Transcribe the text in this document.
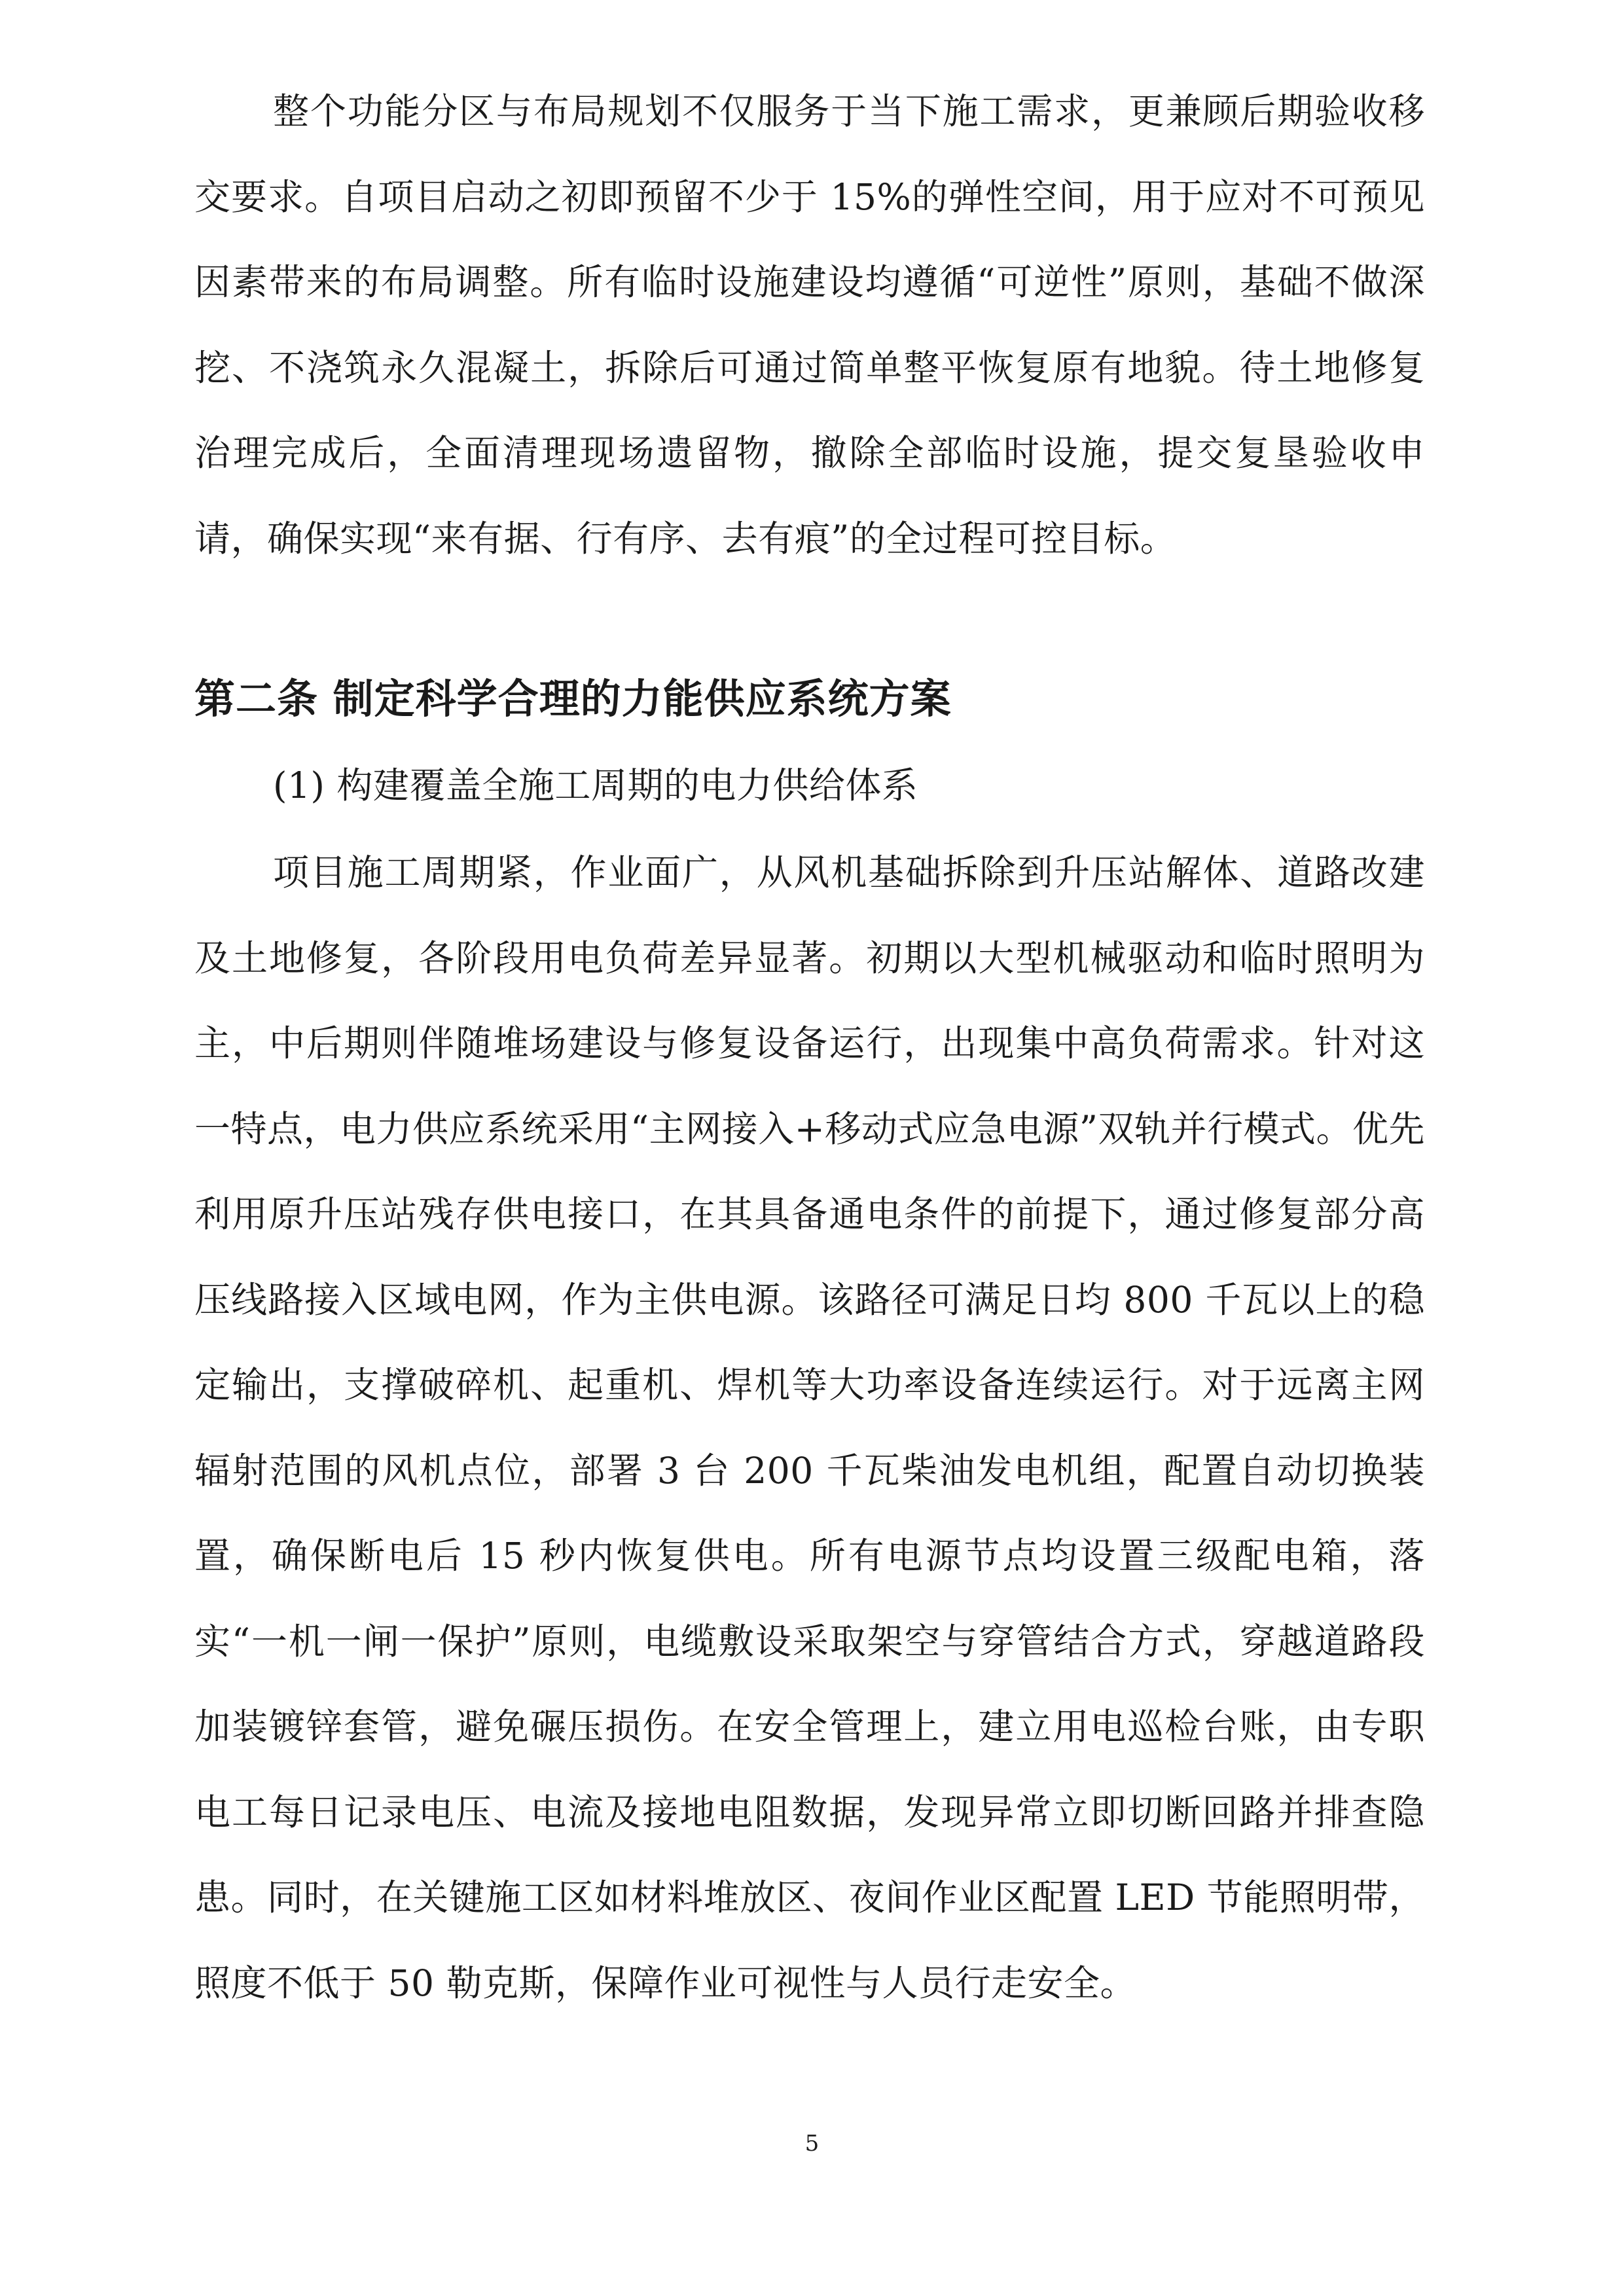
整个功能分区与布局规划不仅服务于当下施工需求，更兼顾后期验收移交要求。自项目启动之初即预留不少于 15%的弹性空间，用于应对不可预见因素带来的布局调整。所有临时设施建设均遵循“可逆性”原则，基础不做深挖、不浇筑永久混凝土，拆除后可通过简单整平恢复原有地貌。待土地修复治理完成后，全面清理现场遗留物，撤除全部临时设施，提交复垦验收申请，确保实现“来有据、行有序、去有痕”的全过程可控目标。

第二条 制定科学合理的力能供应系统方案

(1) 构建覆盖全施工周期的电力供给体系

项目施工周期紧，作业面广，从风机基础拆除到升压站解体、道路改建及土地修复，各阶段用电负荷差异显著。初期以大型机械驱动和临时照明为主，中后期则伴随堆场建设与修复设备运行，出现集中高负荷需求。针对这一特点，电力供应系统采用“主网接入+移动式应急电源”双轨并行模式。优先利用原升压站残存供电接口，在其具备通电条件的前提下，通过修复部分高压线路接入区域电网，作为主供电源。该路径可满足日均 800 千瓦以上的稳定输出，支撑破碎机、起重机、焊机等大功率设备连续运行。对于远离主网辐射范围的风机点位，部署 3 台 200 千瓦柴油发电机组，配置自动切换装置，确保断电后 15 秒内恢复供电。所有电源节点均设置三级配电箱，落实“一机一闸一保护”原则，电缆敷设采取架空与穿管结合方式，穿越道路段加装镀锌套管，避免碾压损伤。在安全管理上，建立用电巡检台账，由专职电工每日记录电压、电流及接地电阻数据，发现异常立即切断回路并排查隐患。同时，在关键施工区如材料堆放区、夜间作业区配置 LED 节能照明带，照度不低于 50 勒克斯，保障作业可视性与人员行走安全。

5
